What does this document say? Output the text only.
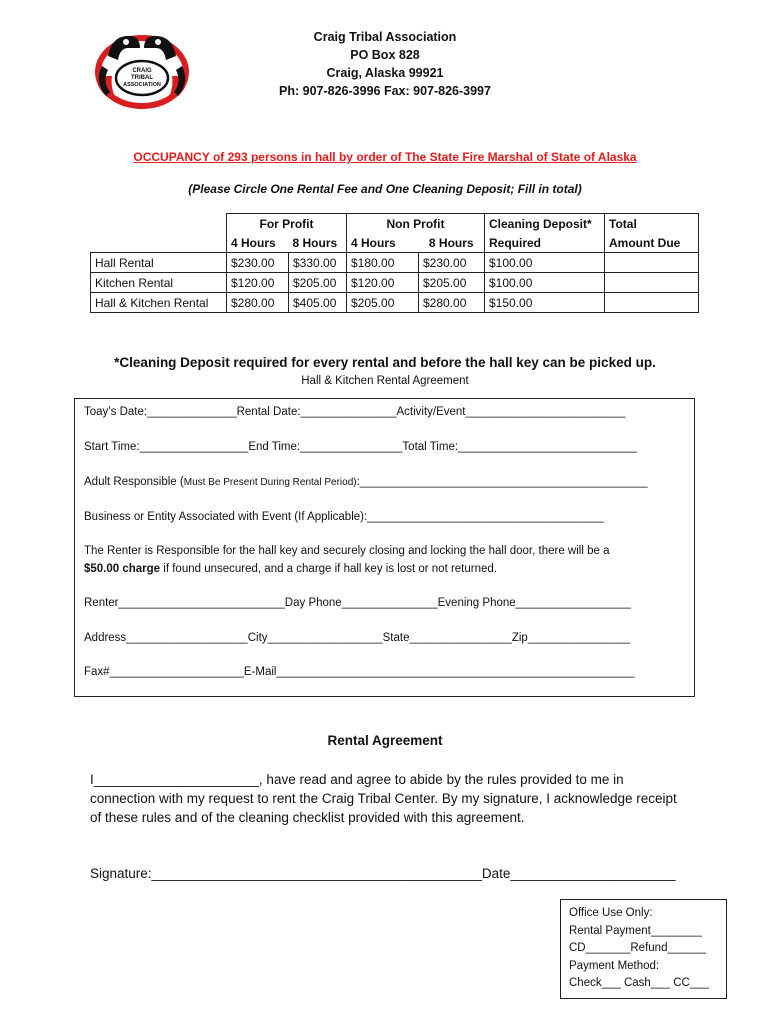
CRAIG
TRIBAL
ASSOCIATION
Craig Tribal Association
PO Box 828
Craig, Alaska 99921
Ph: 907-826-3996 Fax: 907-826-3997
OCCUPANCY of 293 persons in hall by order of The State Fire Marshal of State of Alaska
(Please Circle One Rental Fee and One Cleaning Deposit; Fill in total)
	For Profit		Non Profit		Cleaning Deposit*	Total
	4 Hours	8 Hours	4 Hours	8 Hours	Required	Amount Due
Hall Rental	$230.00	$330.00	$180.00	$230.00	$100.00	
Kitchen Rental	$120.00	$205.00	$120.00	$205.00	$100.00	
Hall & Kitchen Rental	$280.00	$405.00	$205.00	$280.00	$150.00	
*Cleaning Deposit required for every rental and before the hall key can be picked up.
Hall & Kitchen Rental Agreement
Toay’s Date:______________Rental Date:_______________Activity/Event_________________________
Start Time:_________________End Time:________________Total Time:____________________________
Adult Responsible (Must Be Present During Rental Period):_____________________________________________
Business or Entity Associated with Event (If Applicable):_____________________________________
The Renter is Responsible for the hall key and securely closing and locking the hall door, there will be a
$50.00 charge if found unsecured, and a charge if hall key is lost or not returned.
Renter__________________________Day Phone_______________Evening Phone__________________
Address___________________City__________________State________________Zip________________
Fax#_____________________E-Mail________________________________________________________
Rental Agreement
I______________________, have read and agree to abide by the rules provided to me in connection with my request to rent the Craig Tribal Center. By my signature, I acknowledge receipt of these rules and of the cleaning checklist provided with this agreement.
Signature:____________________________________________Date______________________
Office Use Only:
Rental Payment________
CD_______Refund______
Payment Method:
Check___ Cash___ CC___
